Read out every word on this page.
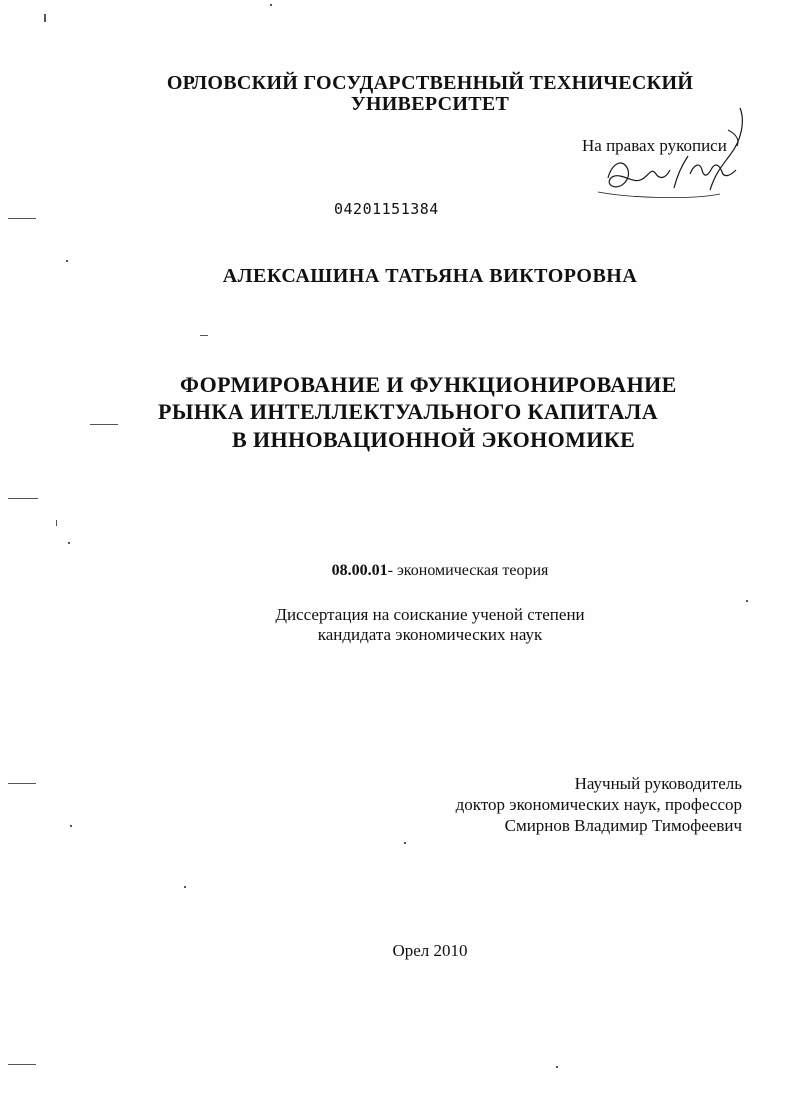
ОРЛОВСКИЙ ГОСУДАРСТВЕННЫЙ ТЕХНИЧЕСКИЙ
УНИВЕРСИТЕТ
На правах рукописи
04201151384
АЛЕКСАШИНА ТАТЬЯНА ВИКТОРОВНА
ФОРМИРОВАНИЕ И ФУНКЦИОНИРОВАНИЕ
РЫНКА ИНТЕЛЛЕКТУАЛЬНОГО КАПИТАЛА
В ИННОВАЦИОННОЙ ЭКОНОМИКЕ
08.00.01- экономическая теория
Диссертация на соискание ученой степени
кандидата экономических наук
Научный руководитель
доктор экономических наук, профессор
Смирнов Владимир Тимофеевич
Орел 2010
